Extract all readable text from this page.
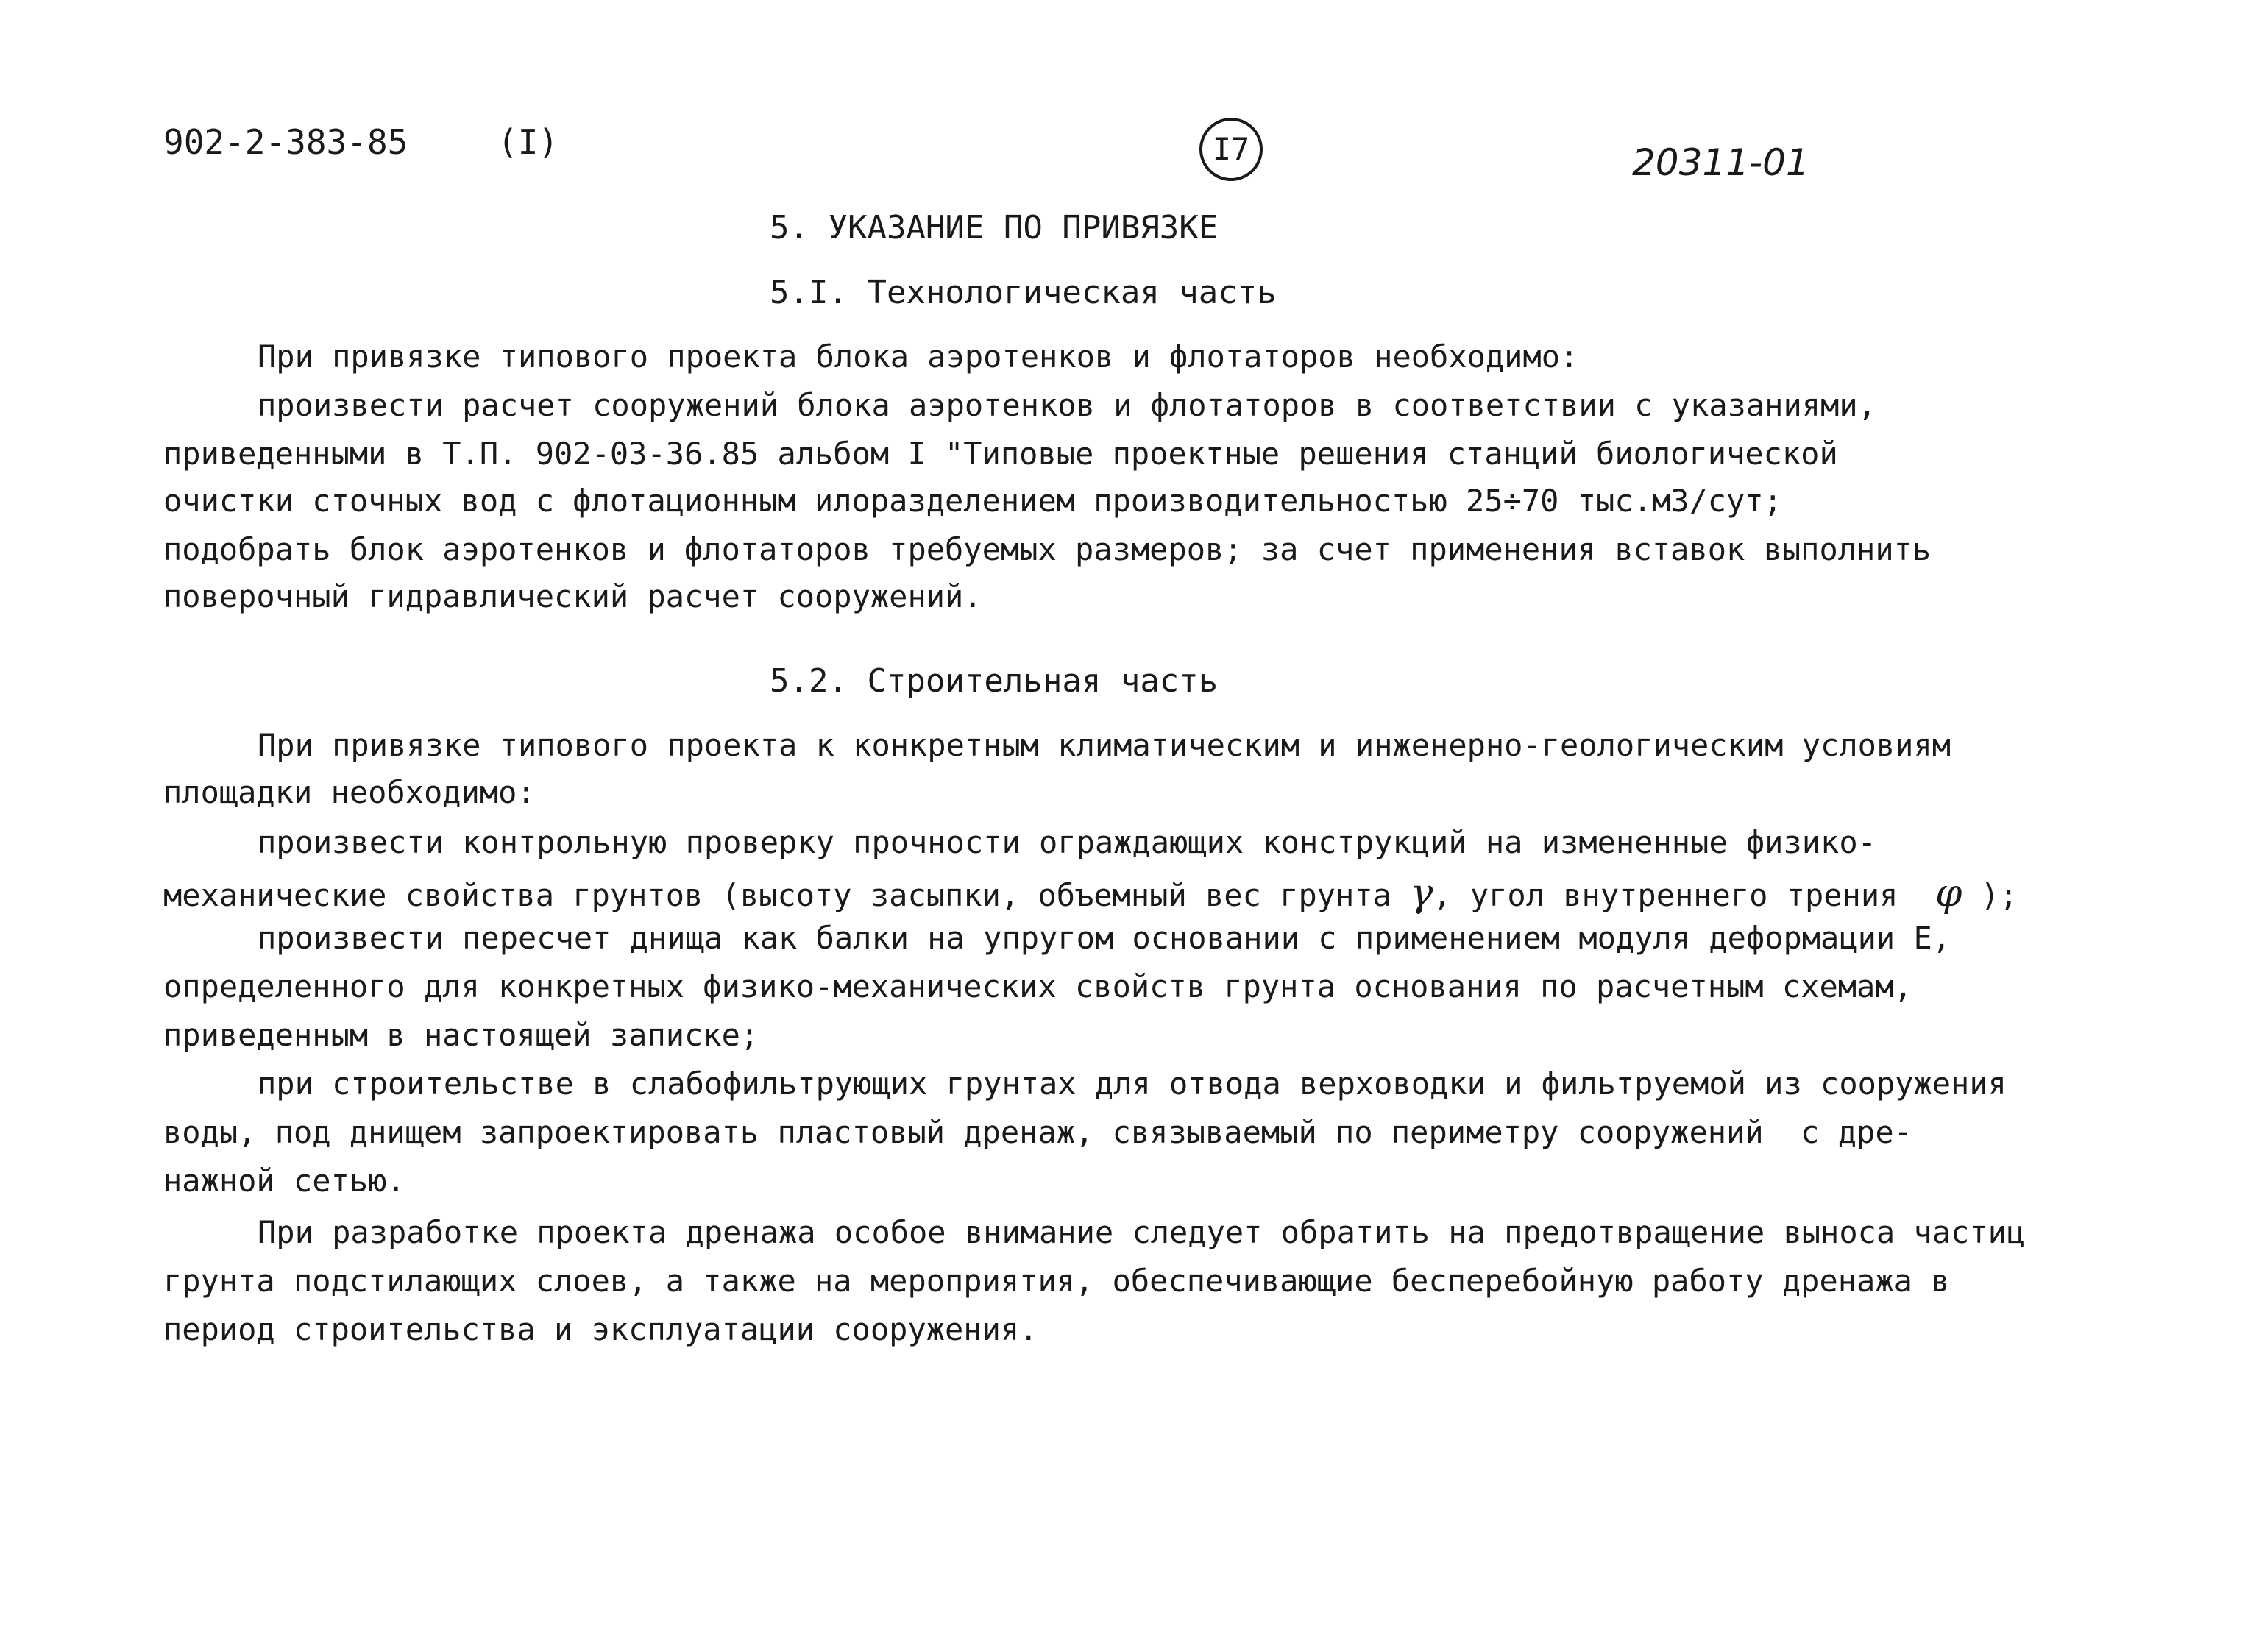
902-2-383-85	(I)	I7	20311-01
5. УКАЗАНИЕ ПО ПРИВЯЗКЕ
5.I. Технологическая часть
При привязке типового проекта блока аэротенков и флотаторов необходимо:
произвести расчет сооружений блока аэротенков и флотаторов в соответствии с указаниями,
приведенными в Т.П. 902-03-36.85 альбом I "Типовые проектные решения станций биологической
очистки сточных вод с флотационным илоразделением производительностью 25÷70 тыс.м3/сут;
подобрать блок аэротенков и флотаторов требуемых размеров; за счет применения вставок выполнить
поверочный гидравлический расчет сооружений.
5.2. Строительная часть
При привязке типового проекта к конкретным климатическим и инженерно-геологическим условиям
площадки необходимо:
произвести контрольную проверку прочности ограждающих конструкций на измененные физико-
механические свойства грунтов (высоту засыпки, объемный вес грунта γ, угол внутреннего трения φ );
произвести пересчет днища как балки на упругом основании с применением модуля деформации Е,
определенного для конкретных физико-механических свойств грунта основания по расчетным схемам,
приведенным в настоящей записке;
при строительстве в слабофильтрующих грунтах для отвода верховодки и фильтруемой из сооружения
воды, под днищем запроектировать пластовый дренаж, связываемый по периметру сооружений  с дре-
нажной сетью.
При разработке проекта дренажа особое внимание следует обратить на предотвращение выноса частиц
грунта подстилающих слоев, а также на мероприятия, обеспечивающие бесперебойную работу дренажа в
период строительства и эксплуатации сооружения.
